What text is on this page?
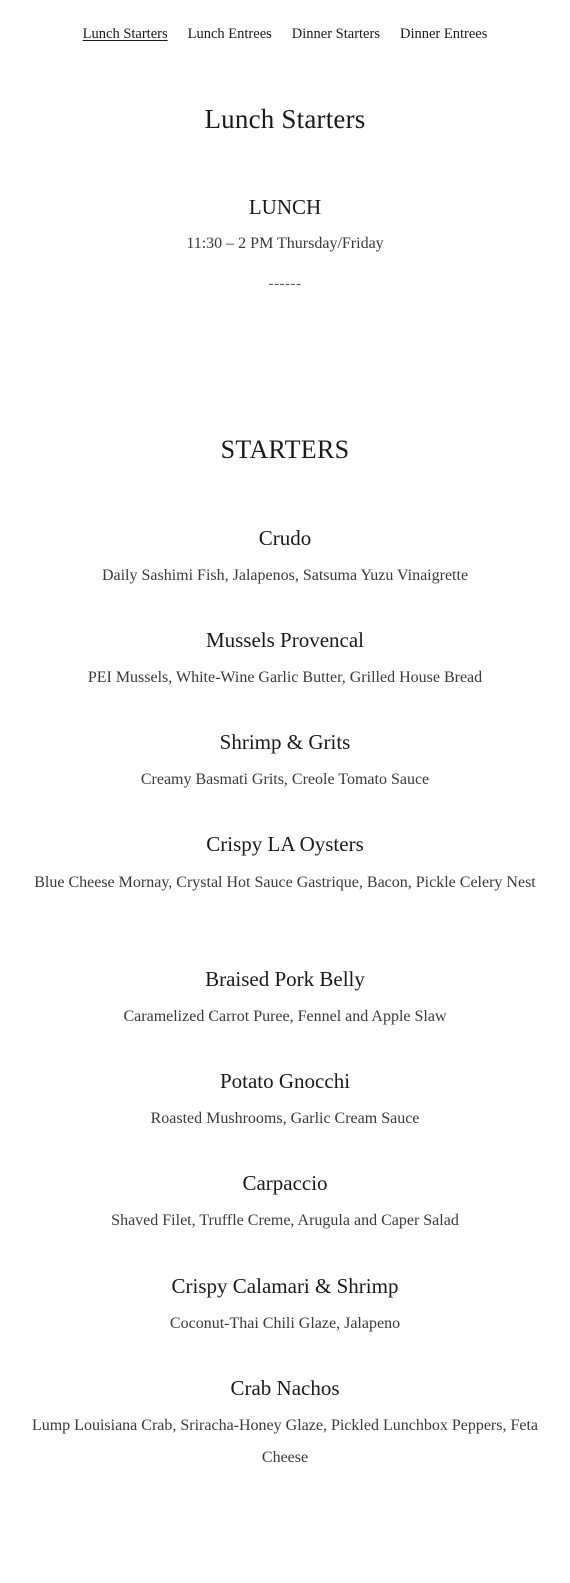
Lunch Starters Lunch Entrees Dinner Starters Dinner Entrees
Lunch Starters
LUNCH
11:30 – 2 PM Thursday/Friday
------
STARTERS
Crudo

Daily Sashimi Fish, Jalapenos, Satsuma Yuzu Vinaigrette

Mussels Provencal

PEI Mussels, White-Wine Garlic Butter, Grilled House Bread

Shrimp & Grits

Creamy Basmati Grits, Creole Tomato Sauce

Crispy LA Oysters

Blue Cheese Mornay, Crystal Hot Sauce Gastrique, Bacon, Pickle Celery Nest

Braised Pork Belly

Caramelized Carrot Puree, Fennel and Apple Slaw

Potato Gnocchi

Roasted Mushrooms, Garlic Cream Sauce

Carpaccio

Shaved Filet, Truffle Creme, Arugula and Caper Salad

Crispy Calamari & Shrimp

Coconut-Thai Chili Glaze, Jalapeno

Crab Nachos

Lump Louisiana Crab, Sriracha-Honey Glaze, Pickled Lunchbox Peppers, Feta Cheese
